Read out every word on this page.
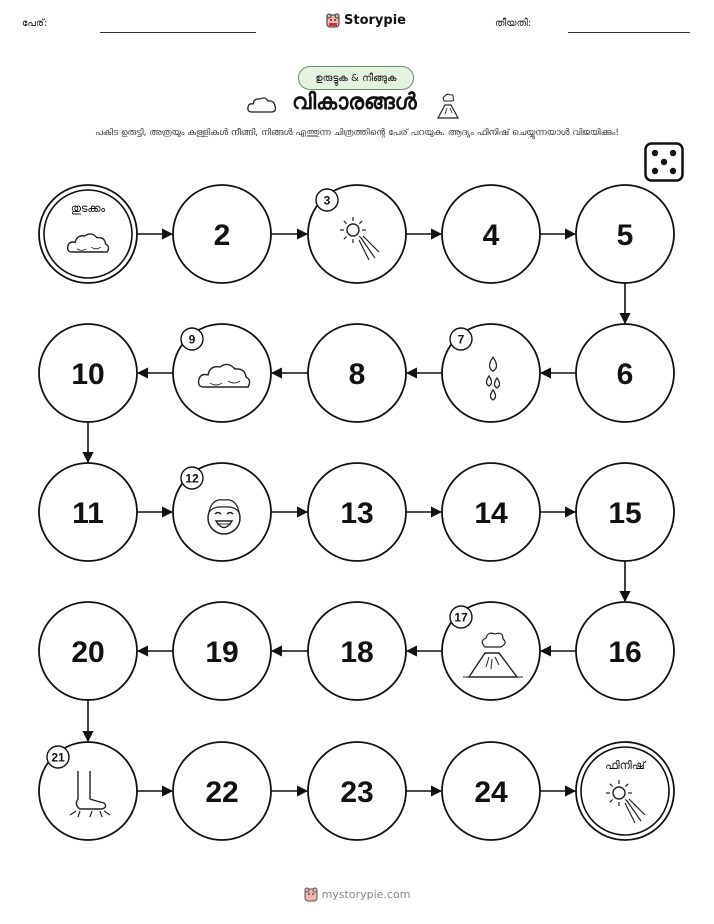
പേര്:	Storypie	തീയതി:
ഉരുട്ടുക & നീങ്ങുക
വികാരങ്ങൾ
പകിട ഉരുട്ടി, അത്രയും കള്ളികൾ നീങ്ങി, നിങ്ങൾ എത്തുന്ന ചിത്രത്തിന്റെ പേര് പറയുക. ആദ്യം ഫിനിഷ് ചെയ്യുന്നയാൾ വിജയിക്കും!
തുടക്കം
2
3
4	5
6
7
8
9
10
11
12
13	14	15
16
17
18
19
20
21
22	23	24
ഫിനിഷ്
mystorypie.com
